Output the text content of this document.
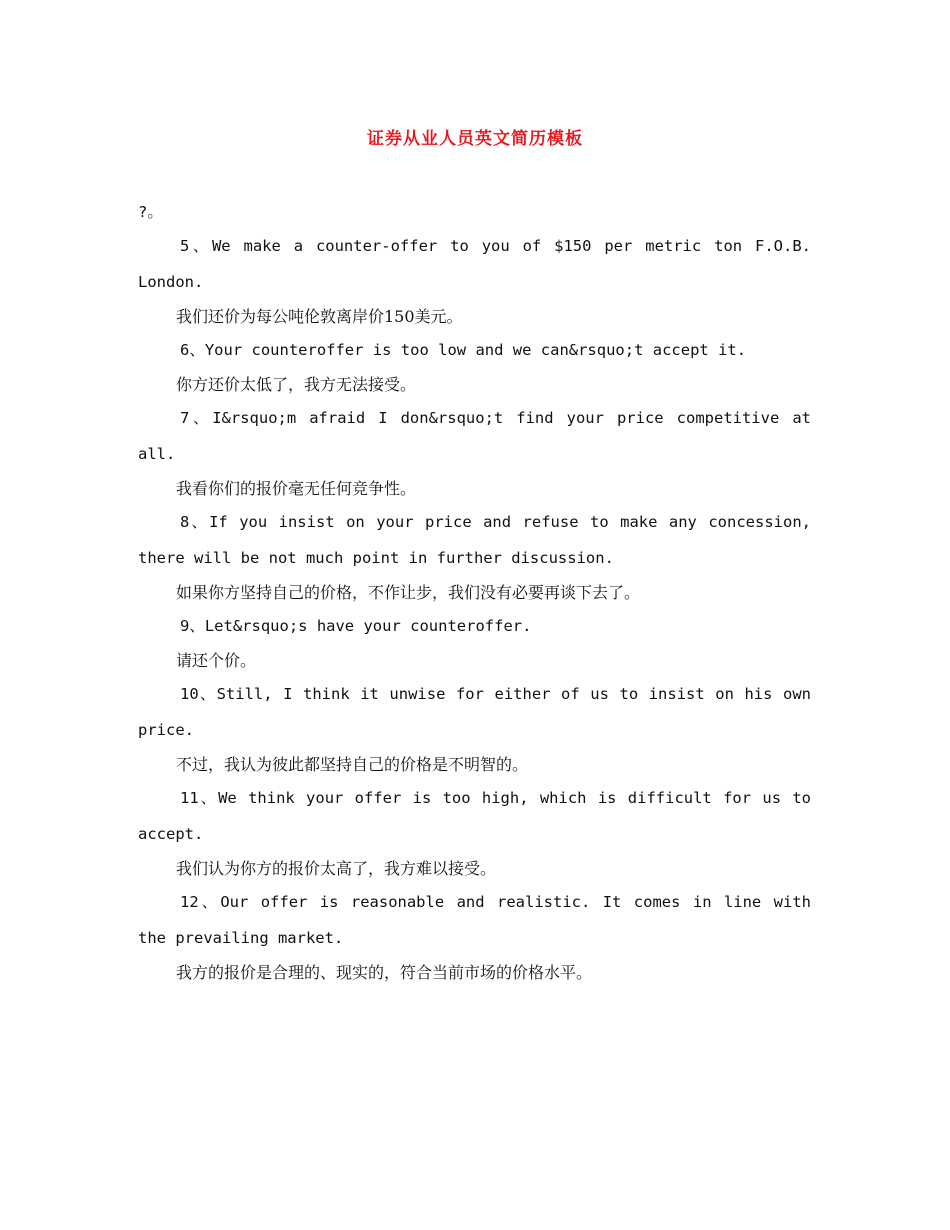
证券从业人员英文简历模板

?。

5、We make a counter-offer to you of $150 per metric ton F.O.B. London.

我们还价为每公吨伦敦离岸价150美元。

6、Your counteroffer is too low and we can&rsquo;t accept it.

你方还价太低了，我方无法接受。

7、I&rsquo;m afraid I don&rsquo;t find your price competitive at all.

我看你们的报价毫无任何竞争性。

8、If you insist on your price and refuse to make any concession, there will be not much point in further discussion.

如果你方坚持自己的价格，不作让步，我们没有必要再谈下去了。

9、Let&rsquo;s have your counteroffer.

请还个价。

10、Still, I think it unwise for either of us to insist on his own price.

不过，我认为彼此都坚持自己的价格是不明智的。

11、We think your offer is too high, which is difficult for us to accept.

我们认为你方的报价太高了，我方难以接受。

12、Our offer is reasonable and realistic. It comes in line with the prevailing market.

我方的报价是合理的、现实的，符合当前市场的价格水平。
